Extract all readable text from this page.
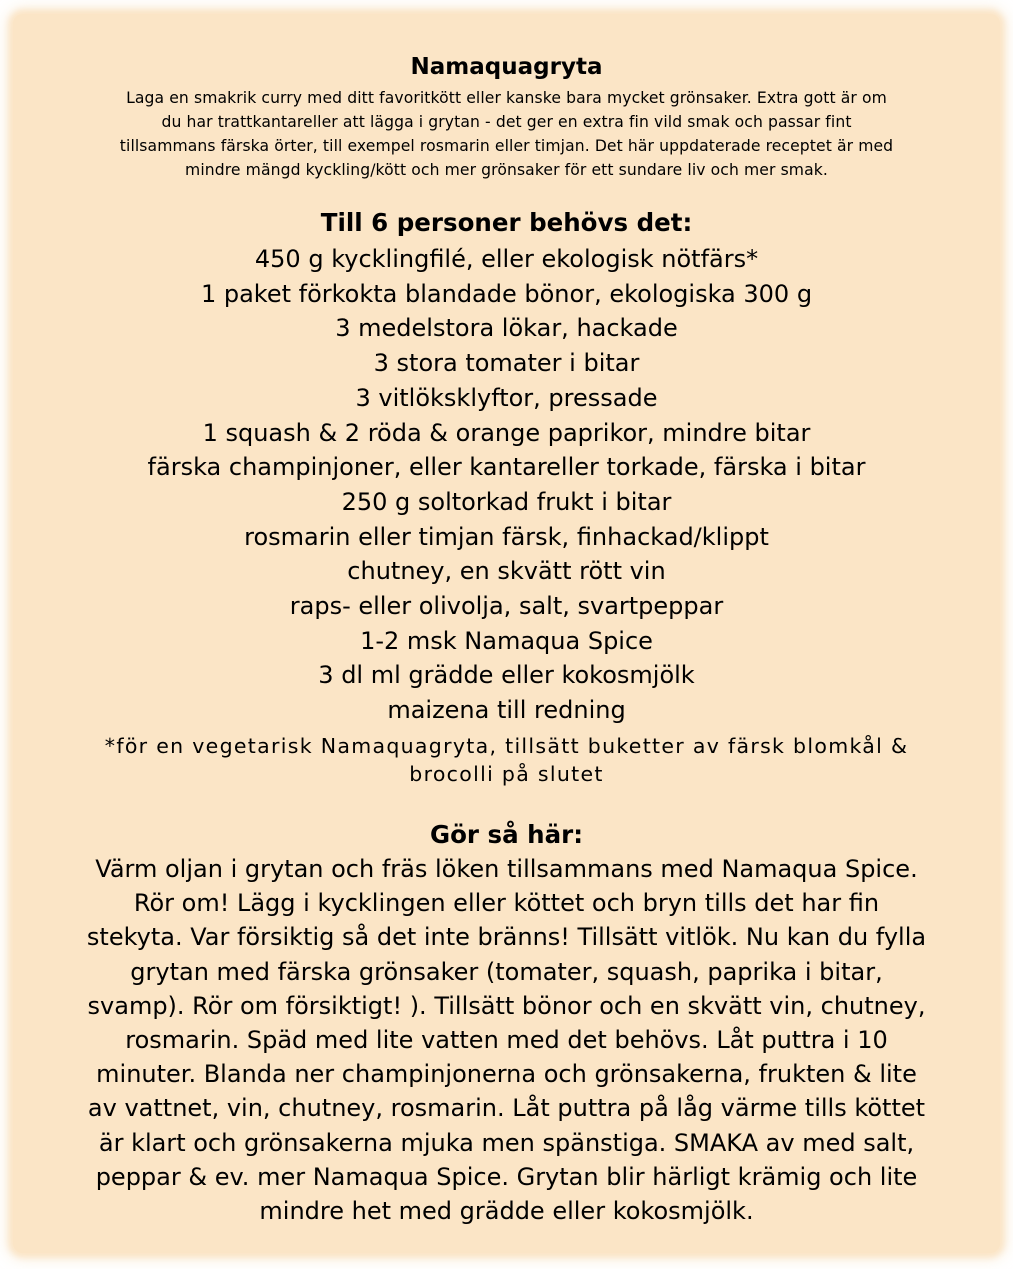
Namaquagryta
Laga en smakrik curry med ditt favoritkött eller kanske bara mycket grönsaker. Extra gott är om
du har trattkantareller att lägga i grytan - det ger en extra fin vild smak och passar fint
tillsammans färska örter, till exempel rosmarin eller timjan. Det här uppdaterade receptet är med
mindre mängd kyckling/kött och mer grönsaker för ett sundare liv och mer smak.
Till 6 personer behövs det:
450 g kycklingfilé, eller ekologisk nötfärs*
1 paket förkokta blandade bönor, ekologiska 300 g
3 medelstora lökar, hackade
3 stora tomater i bitar
3 vitlöksklyftor, pressade
1 squash & 2 röda & orange paprikor, mindre bitar
färska champinjoner, eller kantareller torkade, färska i bitar
250 g soltorkad frukt i bitar
rosmarin eller timjan färsk, finhackad/klippt
chutney, en skvätt rött vin
raps- eller olivolja, salt, svartpeppar
1-2 msk Namaqua Spice
3 dl ml grädde eller kokosmjölk
maizena till redning
*för en vegetarisk Namaquagryta, tillsätt buketter av färsk blomkål &
brocolli på slutet
Gör så här:
Värm oljan i grytan och fräs löken tillsammans med Namaqua Spice.
Rör om! Lägg i kycklingen eller köttet och bryn tills det har fin
stekyta. Var försiktig så det inte bränns! Tillsätt vitlök. Nu kan du fylla
grytan med färska grönsaker (tomater, squash, paprika i bitar,
svamp). Rör om försiktigt! ). Tillsätt bönor och en skvätt vin, chutney,
rosmarin. Späd med lite vatten med det behövs. Låt puttra i 10
minuter. Blanda ner champinjonerna och grönsakerna, frukten & lite
av vattnet, vin, chutney, rosmarin. Låt puttra på låg värme tills köttet
är klart och grönsakerna mjuka men spänstiga. SMAKA av med salt,
peppar & ev. mer Namaqua Spice. Grytan blir härligt krämig och lite
mindre het med grädde eller kokosmjölk.
